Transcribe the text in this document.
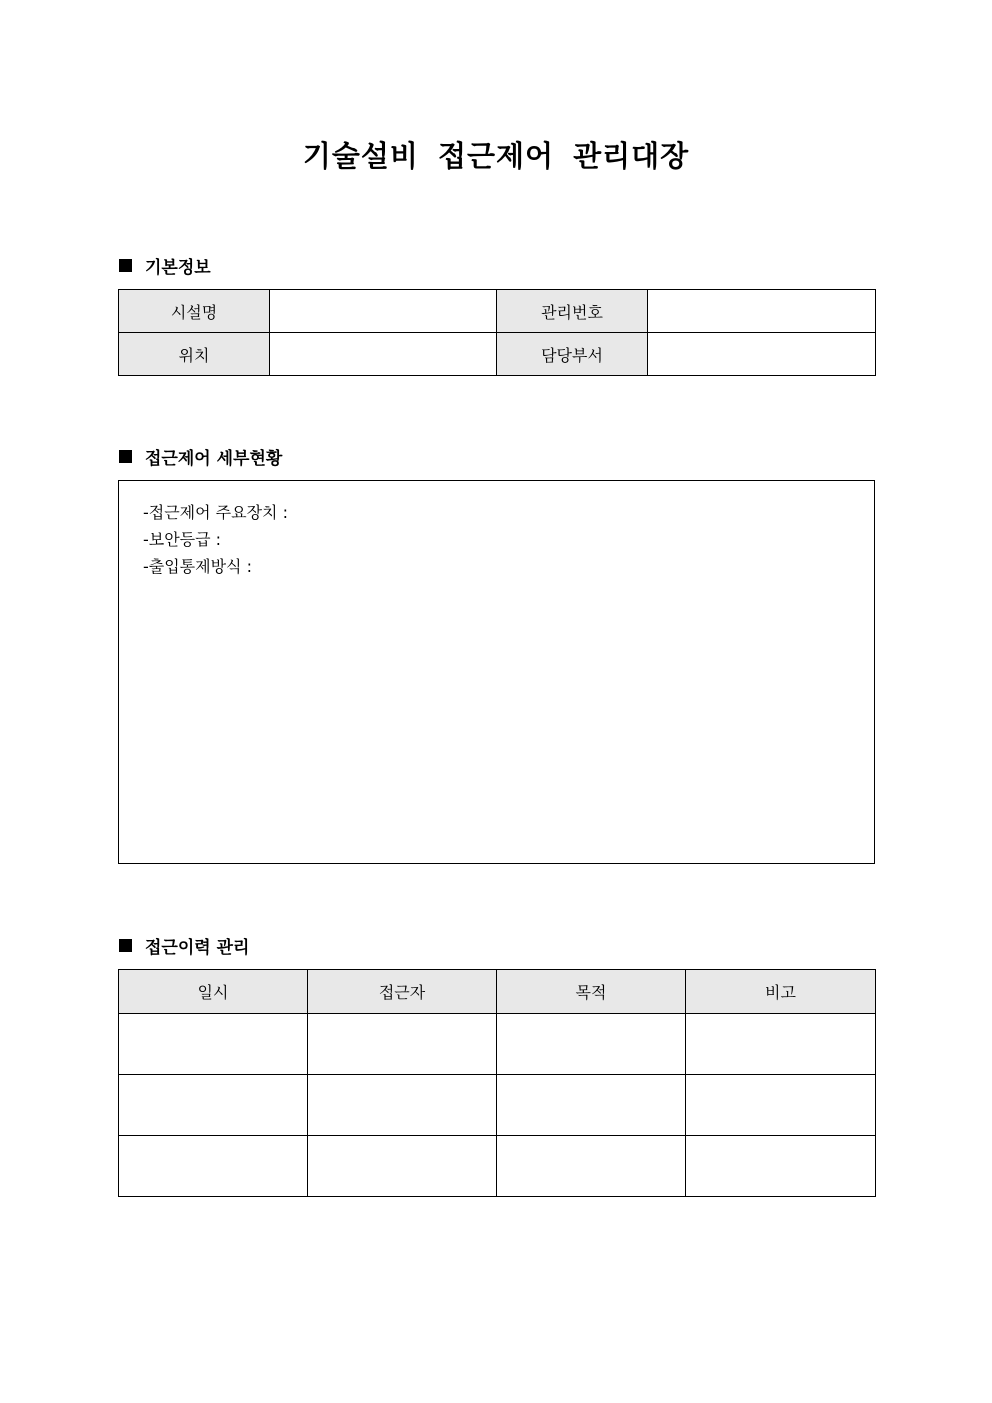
기술설비 접근제어 관리대장
기본정보
시설명		관리번호	
위치		담당부서	
접근제어 세부현황
-접근제어 주요장치 :
-보안등급 :
-출입통제방식 :
접근이력 관리
일시	접근자	목적	비고
